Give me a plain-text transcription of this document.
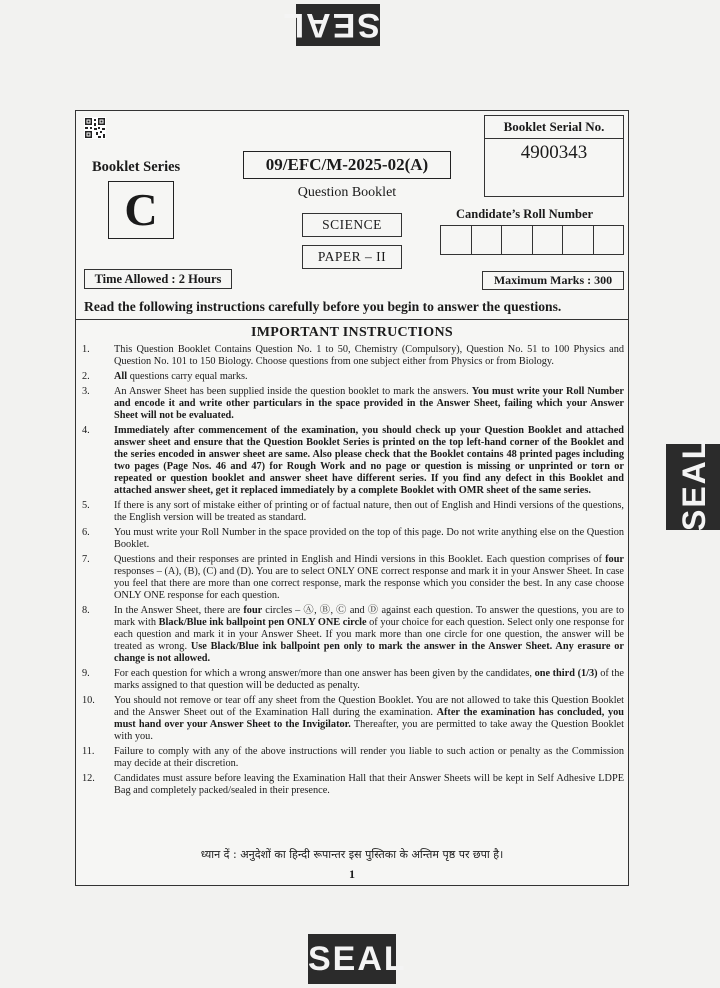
SEAL
SEAL
SEAL
Booklet Serial No.
4900343
Booklet Series
C
09/EFC/M-2025-02(A)
Question Booklet
SCIENCE
PAPER – II
Candidate’s Roll Number
Time Allowed : 2 Hours	Maximum Marks : 300
Read the following instructions carefully before you begin to answer the questions.
IMPORTANT INSTRUCTIONS
1.	This Question Booklet Contains Question No. 1 to 50, Chemistry (Compulsory), Question No. 51 to 100 Physics and Question No. 101 to 150 Biology. Choose questions from one subject either from Physics or from Biology.
2.	All questions carry equal marks.
3.	An Answer Sheet has been supplied inside the question booklet to mark the answers. You must write your Roll Number and encode it and write other particulars in the space provided in the Answer Sheet, failing which your Answer Sheet will not be evaluated.
4.	Immediately after commencement of the examination, you should check up your Question Booklet and attached answer sheet and ensure that the Question Booklet Series is printed on the top left-hand corner of the Booklet and the series encoded in answer sheet are same. Also please check that the Booklet contains 48 printed pages including two pages (Page Nos. 46 and 47) for Rough Work and no page or question is missing or unprinted or torn or repeated or question booklet and answer sheet have different series. If you find any defect in this Booklet and attached answer sheet, get it replaced immediately by a complete Booklet with OMR sheet of the same series.
5.	If there is any sort of mistake either of printing or of factual nature, then out of English and Hindi versions of the questions, the English version will be treated as standard.
6.	You must write your Roll Number in the space provided on the top of this page. Do not write anything else on the Question Booklet.
7.	Questions and their responses are printed in English and Hindi versions in this Booklet. Each question comprises of four responses – (A), (B), (C) and (D). You are to select ONLY ONE correct response and mark it in your Answer Sheet. In case you feel that there are more than one correct response, mark the response which you consider the best. In any case choose ONLY ONE response for each question.
8.	In the Answer Sheet, there are four circles – Ⓐ, Ⓑ, Ⓒ and Ⓓ against each question. To answer the questions, you are to mark with Black/Blue ink ballpoint pen ONLY ONE circle of your choice for each question. Select only one response for each question and mark it in your Answer Sheet. If you mark more than one circle for one question, the answer will be treated as wrong. Use Black/Blue ink ballpoint pen only to mark the answer in the Answer Sheet. Any erasure or change is not allowed.
9.	For each question for which a wrong answer/more than one answer has been given by the candidates, one third (1/3) of the marks assigned to that question will be deducted as penalty.
10.	You should not remove or tear off any sheet from the Question Booklet. You are not allowed to take this Question Booklet and the Answer Sheet out of the Examination Hall during the examination. After the examination has concluded, you must hand over your Answer Sheet to the Invigilator. Thereafter, you are permitted to take away the Question Booklet with you.
11.	Failure to comply with any of the above instructions will render you liable to such action or penalty as the Commission may decide at their discretion.
12.	Candidates must assure before leaving the Examination Hall that their Answer Sheets will be kept in Self Adhesive LDPE Bag and completely packed/sealed in their presence.
ध्यान दें : अनुदेशों का हिन्दी रूपान्तर इस पुस्तिका के अन्तिम पृष्ठ पर छपा है।
1
